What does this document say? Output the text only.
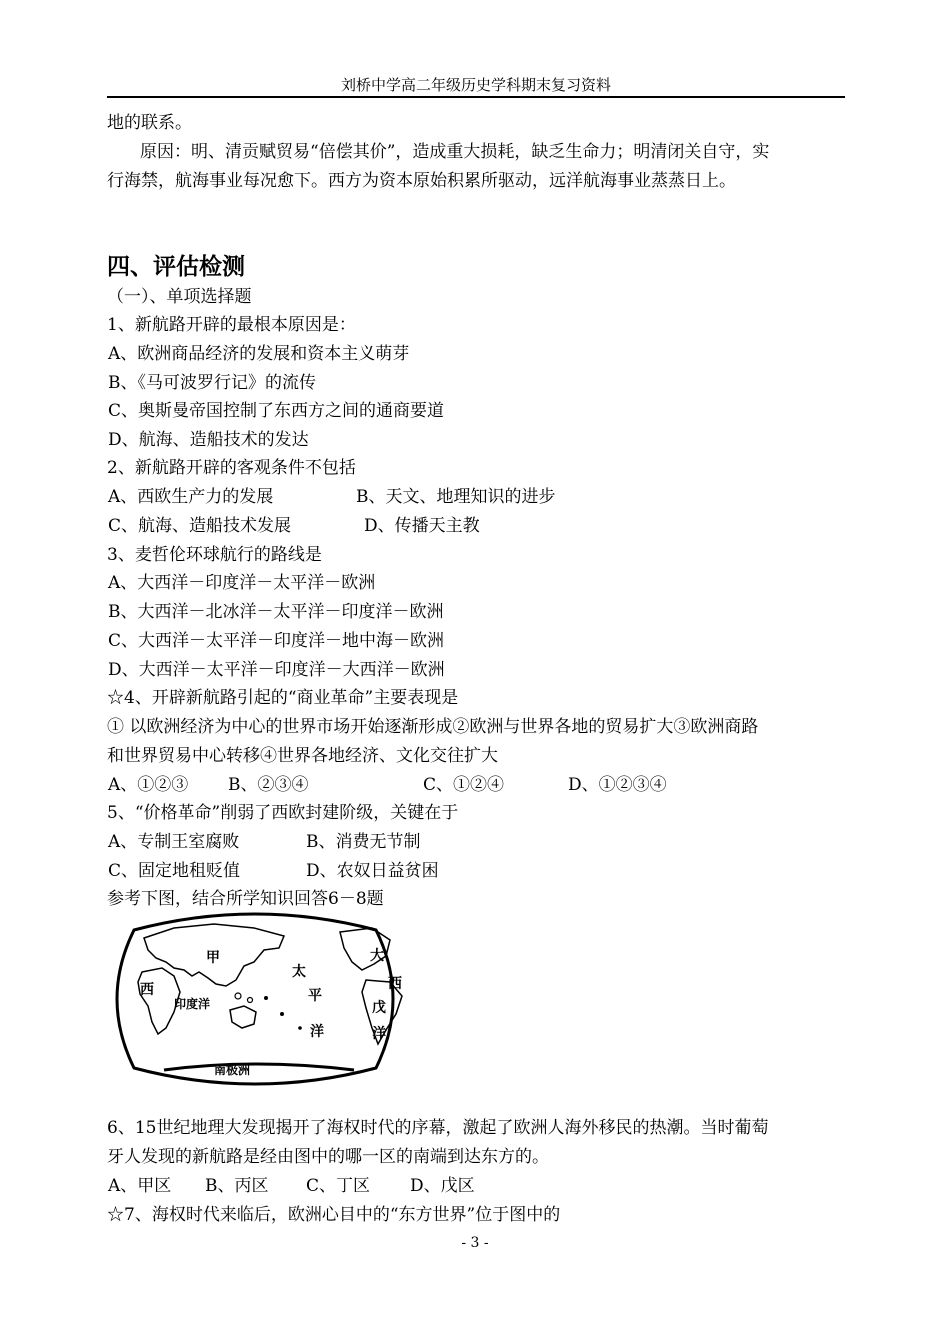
刘桥中学高二年级历史学科期末复习资料
地的联系。
原因：明、清贡赋贸易“倍偿其价”，造成重大损耗，缺乏生命力；明清闭关自守，实
行海禁，航海事业每况愈下。西方为资本原始积累所驱动，远洋航海事业蒸蒸日上。
四、评估检测
（一）、单项选择题
1、新航路开辟的最根本原因是：
A、欧洲商品经济的发展和资本主义萌芽
B、《马可波罗行记》的流传
C、奥斯曼帝国控制了东西方之间的通商要道
D、航海、造船技术的发达
2、新航路开辟的客观条件不包括
A、西欧生产力的发展	B、天文、地理知识的进步
C、航海、造船技术发展	D、传播天主教
3、麦哲伦环球航行的路线是
A、大西洋－印度洋－太平洋－欧洲
B、大西洋－北冰洋－太平洋－印度洋－欧洲
C、大西洋－太平洋－印度洋－地中海－欧洲
D、大西洋－太平洋－印度洋－大西洋－欧洲
☆4、开辟新航路引起的“商业革命”主要表现是
① 以欧洲经济为中心的世界市场开始逐渐形成②欧洲与世界各地的贸易扩大③欧洲商路
和世界贸易中心转移④世界各地经济、文化交往扩大
A、①②③ B、②③④	C、①②④	D、①②③④
5、“价格革命”削弱了西欧封建阶级，关键在于
A、专制王室腐败	B、消费无节制
C、固定地租贬值	D、农奴日益贫困
参考下图，结合所学知识回答6－8题
甲
西
印度洋
太
平
洋
大
西
戊
洋
南极洲
6、15世纪地理大发现揭开了海权时代的序幕，激起了欧洲人海外移民的热潮。当时葡萄
牙人发现的新航路是经由图中的哪一区的南端到达东方的。
A、甲区 B、丙区 C、丁区 D、戊区
☆7、海权时代来临后，欧洲心目中的“东方世界”位于图中的
- 3 -
